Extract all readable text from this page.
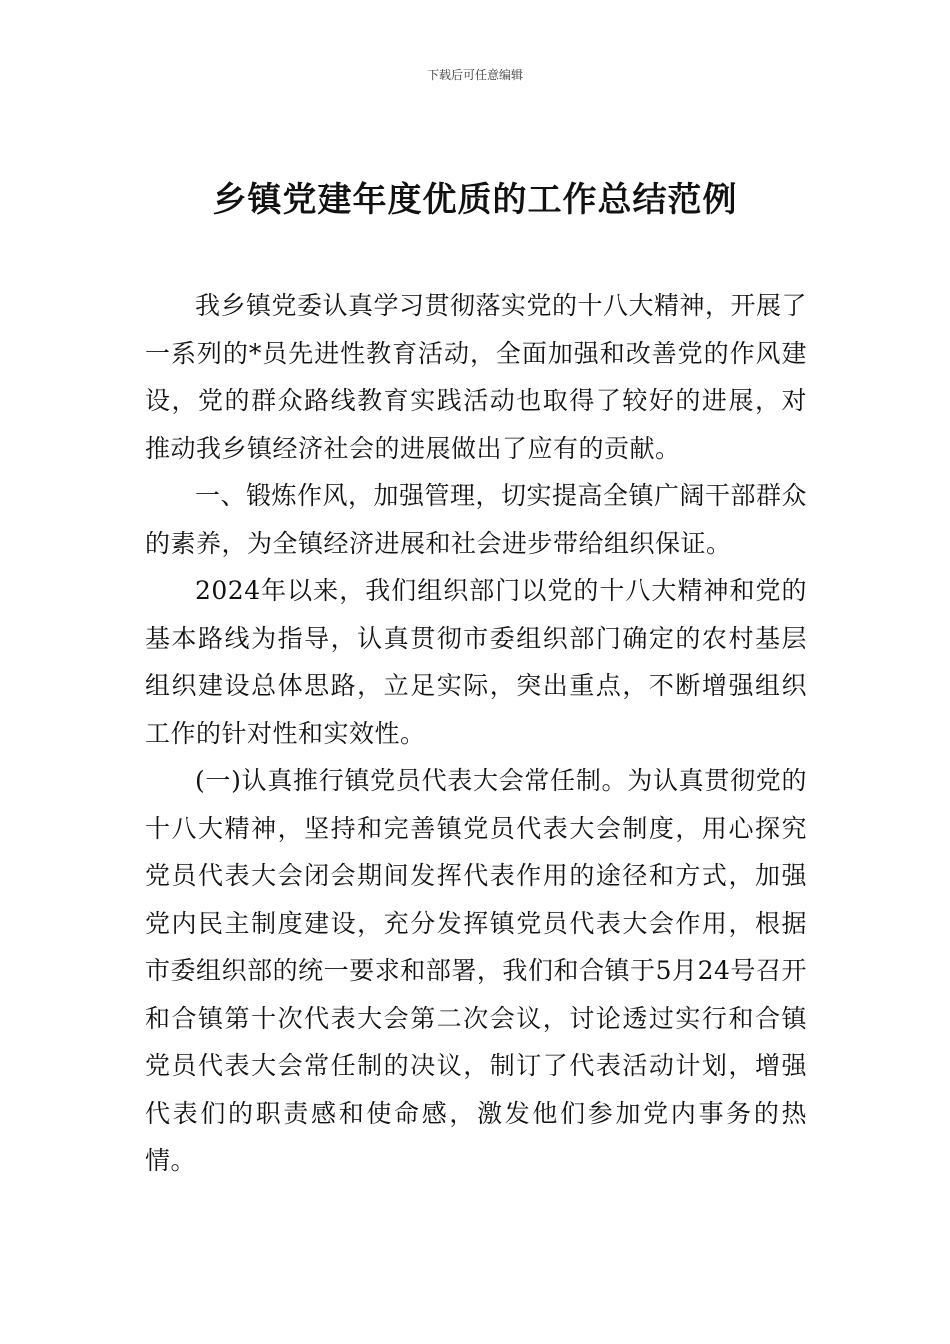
下载后可任意编辑
乡镇党建年度优质的工作总结范例

我乡镇党委认真学习贯彻落实党的十八大精神，开展了一系列的*员先进性教育活动，全面加强和改善党的作风建设，党的群众路线教育实践活动也取得了较好的进展，对推动我乡镇经济社会的进展做出了应有的贡献。

一、锻炼作风，加强管理，切实提高全镇广阔干部群众的素养，为全镇经济进展和社会进步带给组织保证。

2024年以来，我们组织部门以党的十八大精神和党的基本路线为指导，认真贯彻市委组织部门确定的农村基层组织建设总体思路，立足实际，突出重点，不断增强组织工作的针对性和实效性。

(一)认真推行镇党员代表大会常任制。为认真贯彻党的十八大精神，坚持和完善镇党员代表大会制度，用心探究党员代表大会闭会期间发挥代表作用的途径和方式，加强党内民主制度建设，充分发挥镇党员代表大会作用，根据市委组织部的统一要求和部署，我们和合镇于5月24号召开和合镇第十次代表大会第二次会议，讨论透过实行和合镇党员代表大会常任制的决议，制订了代表活动计划，增强代表们的职责感和使命感，激发他们参加党内事务的热情。
